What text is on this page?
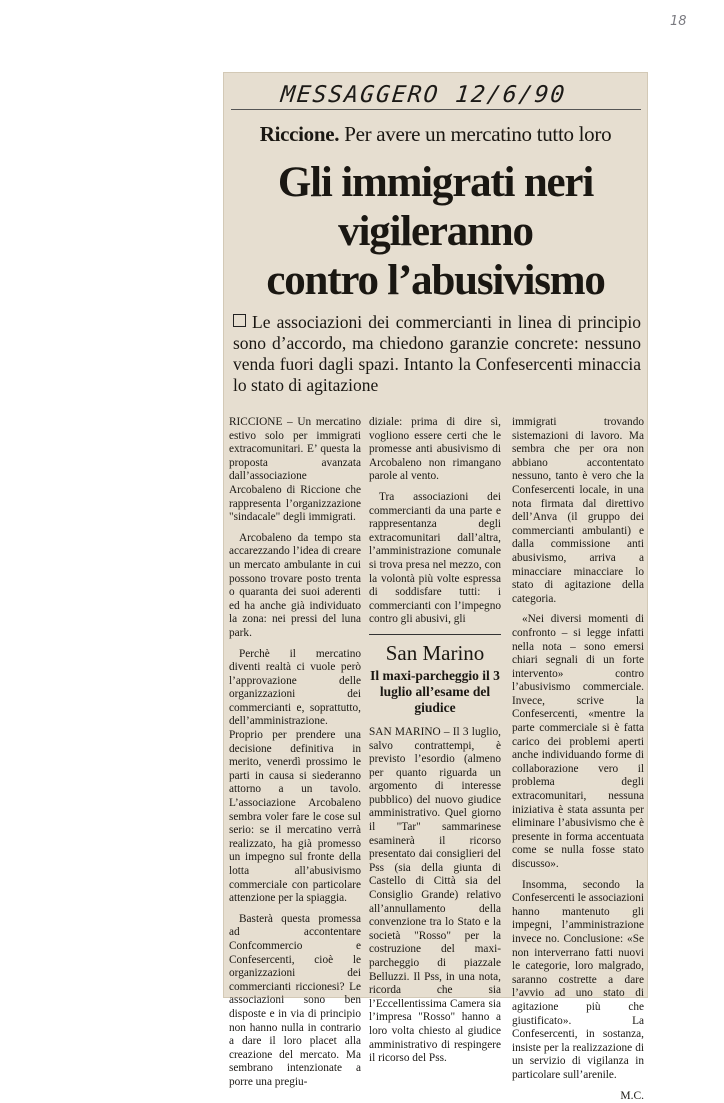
18
MESSAGGERO 12/6/90
Riccione. Per avere un mercatino tutto loro
Gli immigrati neri
vigileranno
contro l’abusivismo
Le associazioni dei commercianti in linea di principio sono d’accordo, ma chiedono garanzie concrete: nessuno venda fuori dagli spazi. Intanto la Confesercenti minaccia lo stato di agitazione

RICCIONE – Un mercatino estivo solo per immigrati extracomunitari. E’ questa la proposta avanzata dall’associazione Arcobaleno di Riccione che rappresenta l’organizzazione "sindacale" degli immigrati.

Arcobaleno da tempo sta accarezzando l’idea di creare un mercato ambulante in cui possono trovare posto trenta o quaranta dei suoi aderenti ed ha anche già individuato la zona: nei pressi del luna park.

Perchè il mercatino diventi realtà ci vuole però l’approvazione delle organizzazioni dei commercianti e, soprattutto, dell’amministrazione. Proprio per prendere una decisione definitiva in merito, venerdì prossimo le parti in causa si siederanno attorno a un tavolo. L’associazione Arcobaleno sembra voler fare le cose sul serio: se il mercatino verrà realizzato, ha già promesso un impegno sul fronte della lotta all’abusivismo commerciale con particolare attenzione per la spiaggia.

Basterà questa promessa ad accontentare Confcommercio e Confesercenti, cioè le organizzazioni dei commercianti riccionesi? Le associazioni sono ben disposte e in via di principio non hanno nulla in contrario a dare il loro placet alla creazione del mercato. Ma sembrano intenzionate a porre una pregiu-

diziale: prima di dire sì, vogliono essere certi che le promesse anti abusivismo di Arcobaleno non rimangano parole al vento.

Tra associazioni dei commercianti da una parte e rappresentanza degli extracomunitari dall’altra, l’amministrazione comunale si trova presa nel mezzo, con la volontà più volte espressa di soddisfare tutti: i commercianti con l’impegno contro gli abusivi, gli

San Marino
Il maxi-parcheggio il 3 luglio all’esame del giudice

SAN MARINO – Il 3 luglio, salvo contrattempi, è previsto l’esordio (almeno per quanto riguarda un argomento di interesse pubblico) del nuovo giudice amministrativo. Quel giorno il "Tar" sammarinese esaminerà il ricorso presentato dai consiglieri del Pss (sia della giunta di Castello di Città sia del Consiglio Grande) relativo all’annullamento della convenzione tra lo Stato e la società "Rosso" per la costruzione del maxi-parcheggio di piazzale Belluzzi. Il Pss, in una nota, ricorda che sia l’Eccellentissima Camera sia l’impresa "Rosso" hanno a loro volta chiesto al giudice amministrativo di respingere il ricorso del Pss.

immigrati trovando sistemazioni di lavoro. Ma sembra che per ora non abbiano accontentato nessuno, tanto è vero che la Confesercenti locale, in una nota firmata dal direttivo dell’Anva (il gruppo dei commercianti ambulanti) e dalla commissione anti abusivismo, arriva a minacciare minacciare lo stato di agitazione della categoria.

«Nei diversi momenti di confronto – si legge infatti nella nota – sono emersi chiari segnali di un forte intervento» contro l’abusivismo commerciale. Invece, scrive la Confesercenti, «mentre la parte commerciale si è fatta carico dei problemi aperti anche individuando forme di collaborazione vero il problema degli extracomunitari, nessuna iniziativa è stata assunta per eliminare l’abusivismo che è presente in forma accentuata come se nulla fosse stato discusso».

Insomma, secondo la Confesercenti le associazioni hanno mantenuto gli impegni, l’amministrazione invece no. Conclusione: «Se non interverrano fatti nuovi le categorie, loro malgrado, saranno costrette a dare l’avvio ad uno stato di agitazione più che giustificato». La Confesercenti, in sostanza, insiste per la realizzazione di un servizio di vigilanza in particolare sull’arenile.

M.C.
